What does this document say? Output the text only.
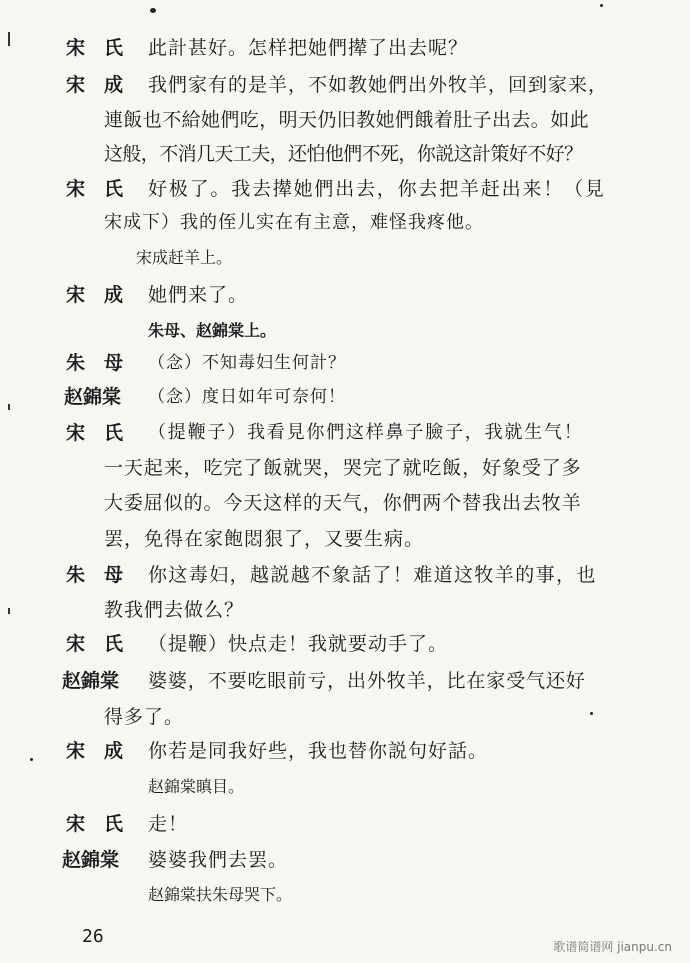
宋　氏 此計甚好。怎样把她們撵了出去呢？
宋　成 我們家有的是羊，不如教她們出外牧羊，回到家来，
連飯也不給她們吃，明天仍旧教她們餓着肚子出去。如此
这般，不消几天工夫，还怕他們不死，你説这計策好不好？
宋　氏 好极了。我去撵她們出去，你去把羊赶出来！（見
宋成下）我的侄儿实在有主意，难怪我疼他。
宋成赶羊上。
宋　成 她們来了。
朱母、赵錦棠上。
朱　母 （念）不知毒妇生何計？
赵錦棠 （念）度日如年可奈何！
宋　氏 （提鞭子）我看見你們这样鼻子臉子，我就生气！
一天起来，吃完了飯就哭，哭完了就吃飯，好象受了多
大委屈似的。今天这样的天气，你們两个替我出去牧羊
罢，免得在家飽悶狠了，又要生病。
朱　母 你这毒妇，越説越不象話了！难道这牧羊的事，也
教我們去做么？
宋　氏 （提鞭）快点走！我就要动手了。
赵錦棠 婆婆，不要吃眼前亏，出外牧羊，比在家受气还好
得多了。
宋　成 你若是同我好些，我也替你説句好話。
赵錦棠瞋目。
宋　氏 走！
赵錦棠 婆婆我們去罢。
赵錦棠扶朱母哭下。
26	歌谱简谱网 jianpu.cn
